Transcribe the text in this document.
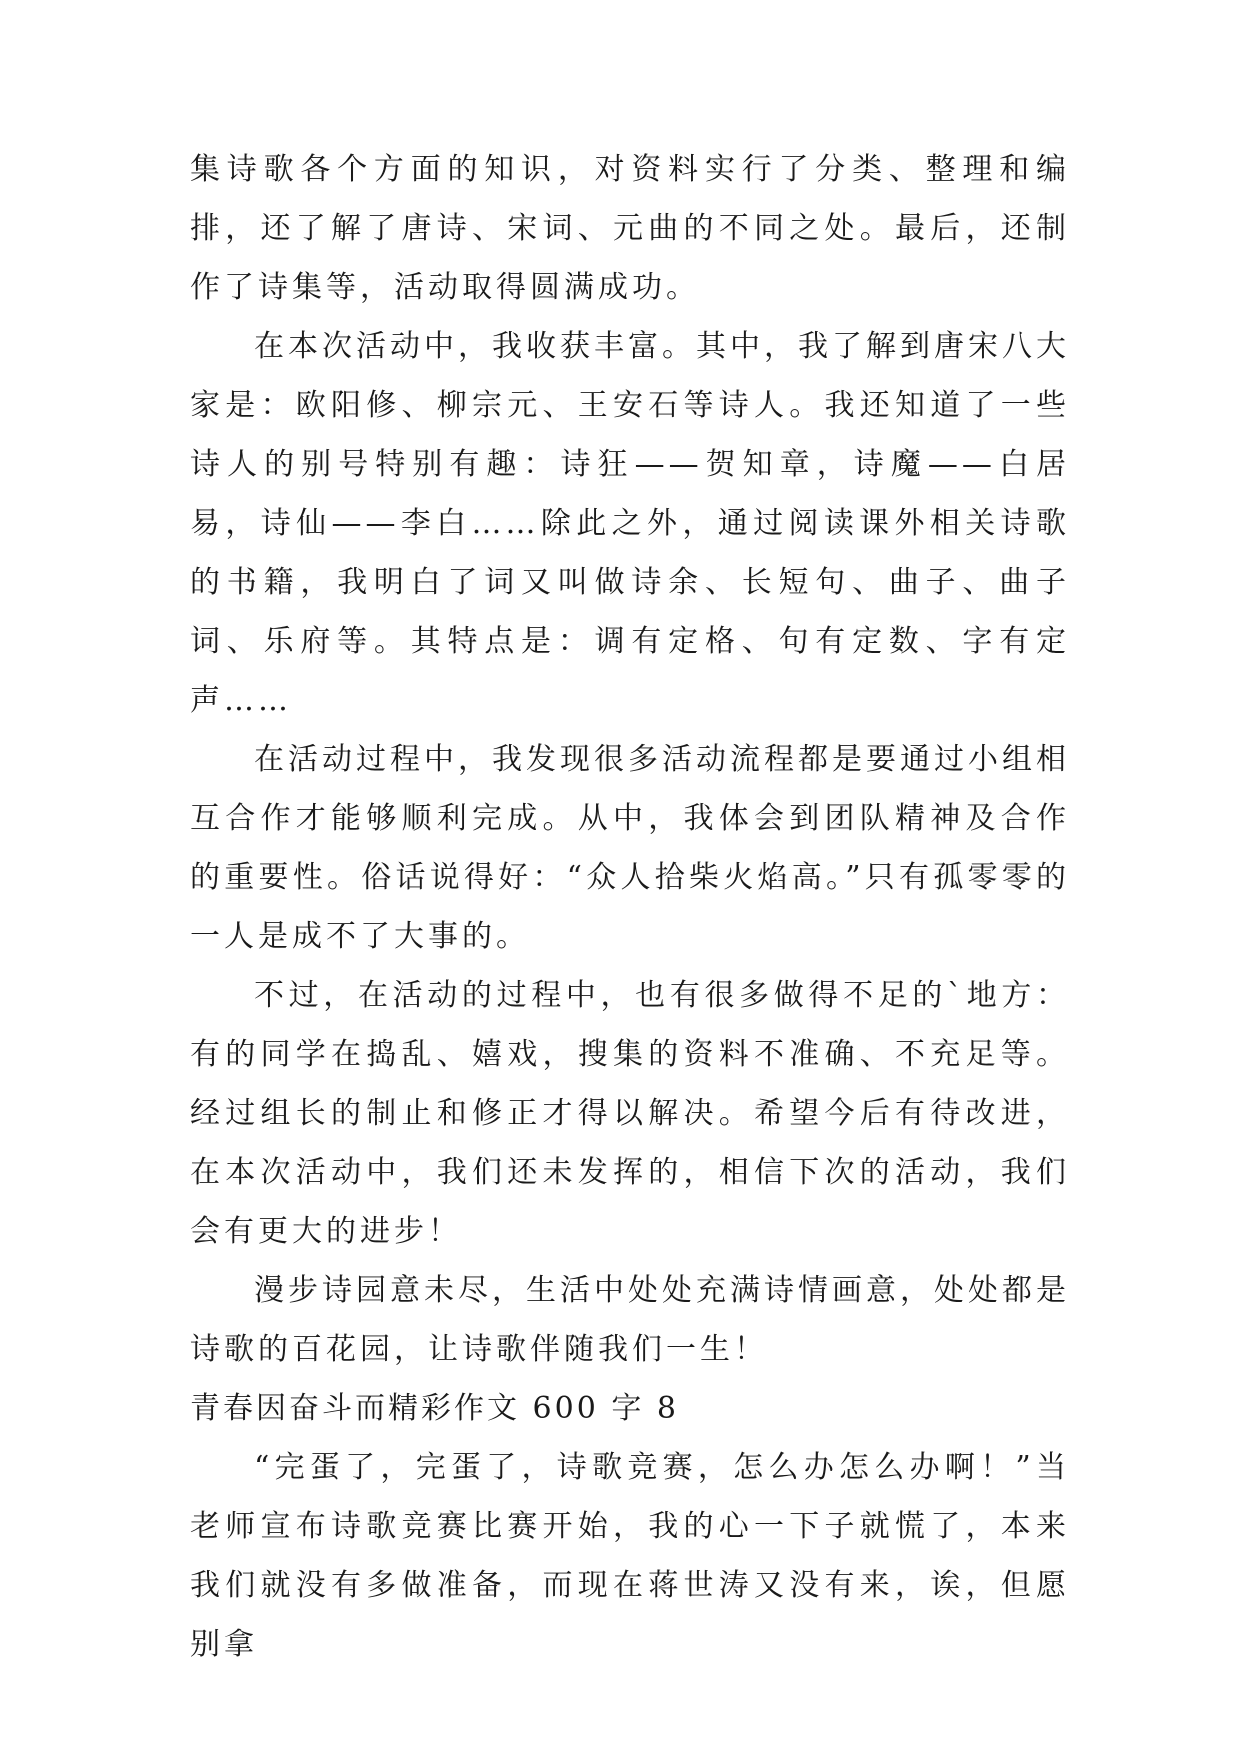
集诗歌各个方面的知识，对资料实行了分类、整理和编排，还了解了唐诗、宋词、元曲的不同之处。最后，还制作了诗集等，活动取得圆满成功。

在本次活动中，我收获丰富。其中，我了解到唐宋八大家是：欧阳修、柳宗元、王安石等诗人。我还知道了一些诗人的别号特别有趣：诗狂——贺知章，诗魔——白居易，诗仙——李白……除此之外，通过阅读课外相关诗歌的书籍，我明白了词又叫做诗余、长短句、曲子、曲子词、乐府等。其特点是：调有定格、句有定数、字有定声……

在活动过程中，我发现很多活动流程都是要通过小组相互合作才能够顺利完成。从中，我体会到团队精神及合作的重要性。俗话说得好：“众人拾柴火焰高。”只有孤零零的一人是成不了大事的。

不过，在活动的过程中，也有很多做得不足的`地方：有的同学在捣乱、嬉戏，搜集的资料不准确、不充足等。经过组长的制止和修正才得以解决。希望今后有待改进，在本次活动中，我们还未发挥的，相信下次的活动，我们会有更大的进步！

漫步诗园意未尽，生活中处处充满诗情画意，处处都是诗歌的百花园，让诗歌伴随我们一生！

青春因奋斗而精彩作文 600 字 8

“完蛋了，完蛋了，诗歌竞赛，怎么办怎么办啊！”当老师宣布诗歌竞赛比赛开始，我的心一下子就慌了，本来我们就没有多做准备，而现在蒋世涛又没有来，诶，但愿别拿
